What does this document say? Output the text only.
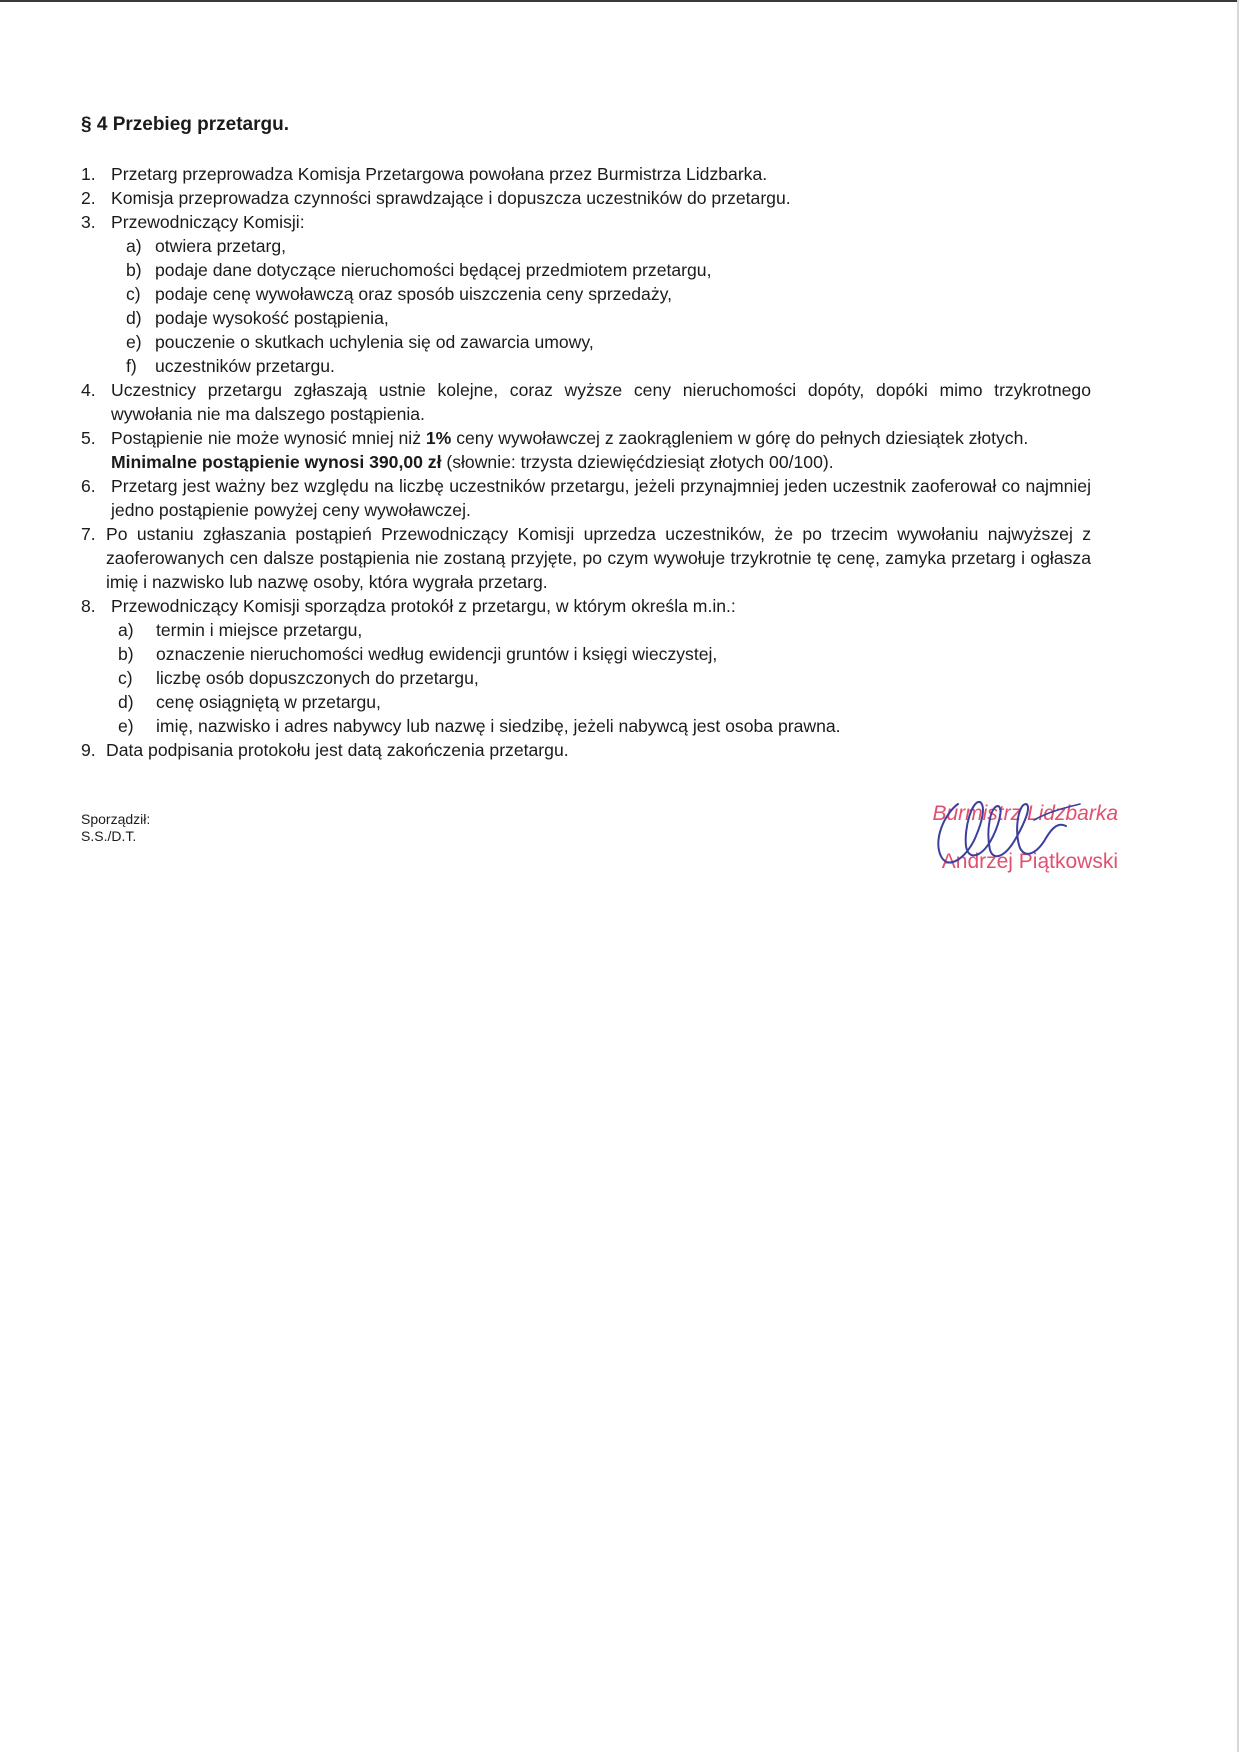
§ 4 Przebieg przetargu.
1. Przetarg przeprowadza Komisja Przetargowa powołana przez Burmistrza Lidzbarka.
2. Komisja przeprowadza czynności sprawdzające i dopuszcza uczestników do przetargu.
3. Przewodniczący Komisji:
a) otwiera przetarg,
b) podaje dane dotyczące nieruchomości będącej przedmiotem przetargu,
c) podaje cenę wywoławczą oraz sposób uiszczenia ceny sprzedaży,
d) podaje wysokość postąpienia,
e) pouczenie o skutkach uchylenia się od zawarcia umowy,
f) uczestników przetargu.
4. Uczestnicy przetargu zgłaszają ustnie kolejne, coraz wyższe ceny nieruchomości dopóty, dopóki mimo trzykrotnego wywołania nie ma dalszego postąpienia.
5. Postąpienie nie może wynosić mniej niż 1% ceny wywoławczej z zaokrągleniem w górę do pełnych dziesiątek złotych.
Minimalne postąpienie wynosi 390,00 zł (słownie: trzysta dziewięćdziesiąt złotych 00/100).
6. Przetarg jest ważny bez względu na liczbę uczestników przetargu, jeżeli przynajmniej jeden uczestnik zaoferował co najmniej jedno postąpienie powyżej ceny wywoławczej.
7. Po ustaniu zgłaszania postąpień Przewodniczący Komisji uprzedza uczestników, że po trzecim wywołaniu najwyższej z zaoferowanych cen dalsze postąpienia nie zostaną przyjęte, po czym wywołuje trzykrotnie tę cenę, zamyka przetarg i ogłasza imię i nazwisko lub nazwę osoby, która wygrała przetarg.
8. Przewodniczący Komisji sporządza protokół z przetargu, w którym określa m.in.:
a) termin i miejsce przetargu,
b) oznaczenie nieruchomości według ewidencji gruntów i księgi wieczystej,
c) liczbę osób dopuszczonych do przetargu,
d) cenę osiągniętą w przetargu,
e) imię, nazwisko i adres nabywcy lub nazwę i siedzibę, jeżeli nabywcą jest osoba prawna.
9. Data podpisania protokołu jest datą zakończenia przetargu.
Sporządził:
S.S./D.T.
Burmistrz Lidzbarka
Andrzej Piątkowski
